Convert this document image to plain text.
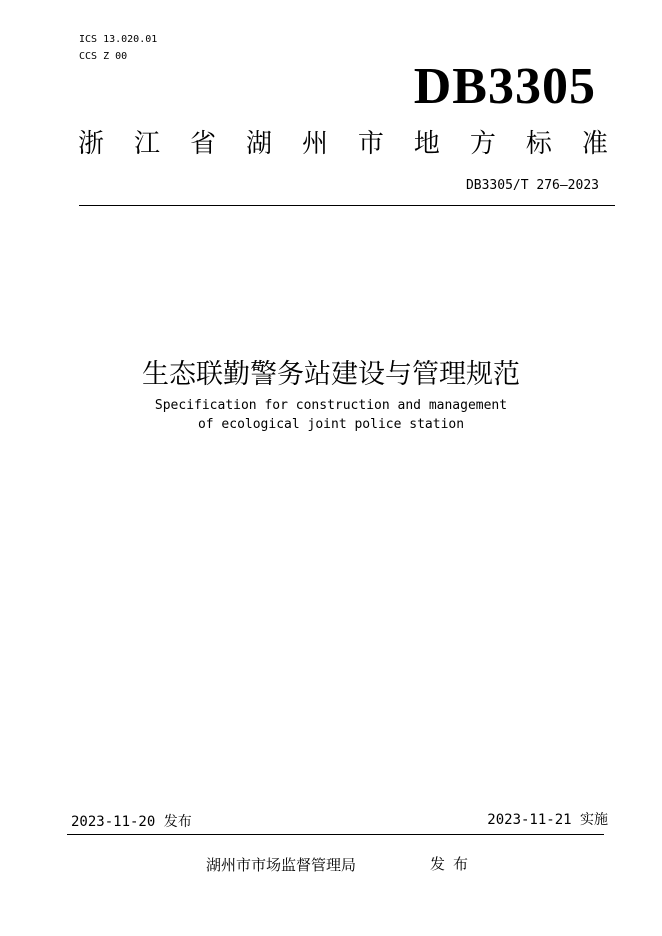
ICS 13.020.01
CCS Z 00
DB3305
浙 江 省 湖 州 市 地 方 标 准
DB3305/T 276—2023
生态联勤警务站建设与管理规范
Specification for construction and management
of ecological joint police station
2023-11-20 发布	2023-11-21 实施
湖州市市场监督管理局	发布
